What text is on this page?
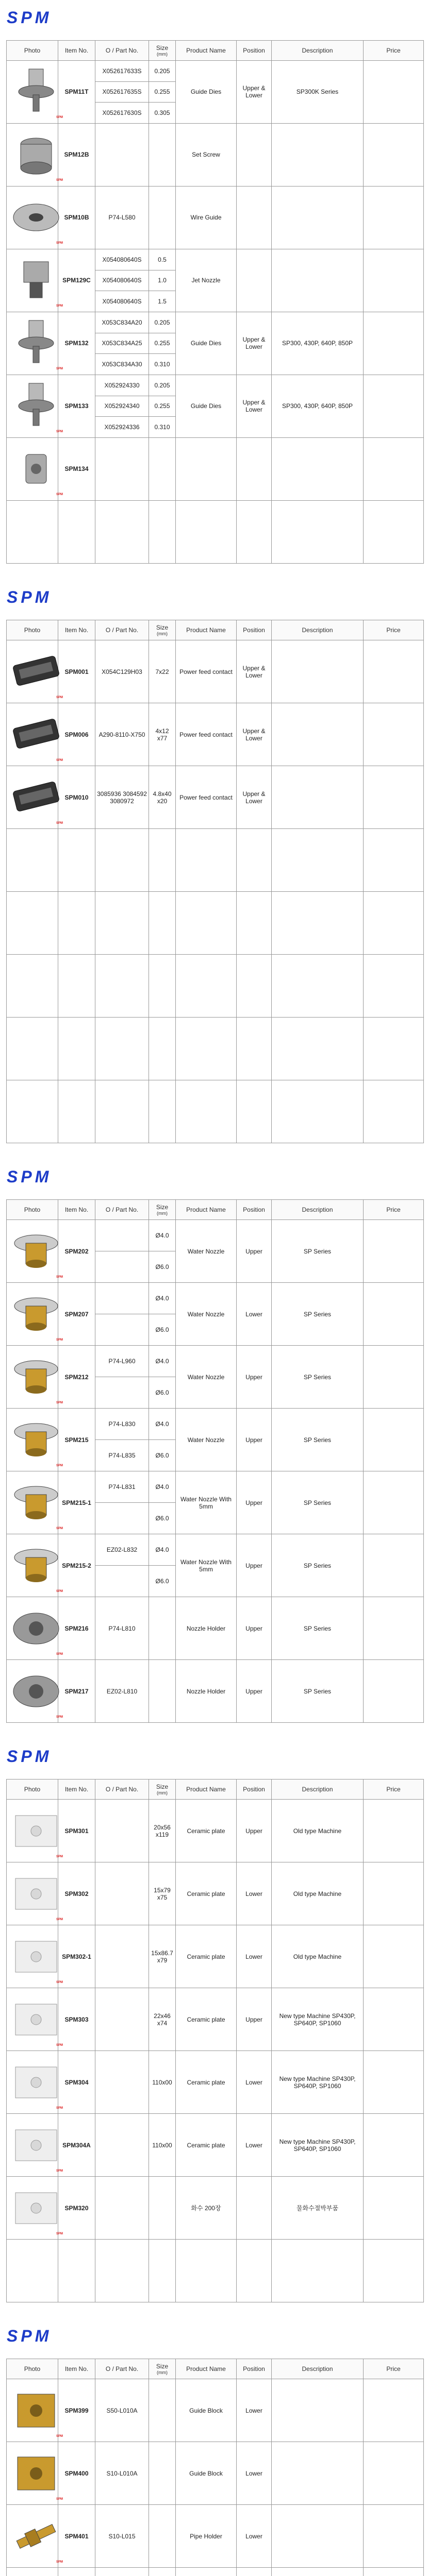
SPM
Photo	Item No.	O / Part No.	Size
(mm)	Product Name	Position	Description	Price

SPM	SPM11T	X052617633S	0.205	Guide Dies	Upper & Lower	SP300K Series	
		X052617635S	0.255				
		X052617630S	0.305				

SPM	SPM12B			Set Screw			

SPM	SPM10B	P74-L580		Wire Guide			

SPM	SPM129C	X054080640S	0.5	Jet Nozzle			
		X054080640S	1.0				
		X054080640S	1.5				

SPM	SPM132	X053C834A20	0.205	Guide Dies	Upper & Lower	SP300, 430P, 640P, 850P	
		X053C834A25	0.255				
		X053C834A30	0.310				

SPM	SPM133	X052924330	0.205	Guide Dies	Upper & Lower	SP300, 430P, 640P, 850P	
		X052924340	0.255				
		X052924336	0.310				

SPM	SPM134						

SPM
Photo	Item No.	O / Part No.	Size
(mm)	Product Name	Position	Description	Price

SPM	SPM001	X054C129H03	7x22	Power feed contact	Upper & Lower		

SPM	SPM006	A290-8110-X750	4x12 x77	Power feed contact	Upper & Lower		

SPM	SPM010	3085936 3084592 3080972	4.8x40 x20	Power feed contact	Upper & Lower		

SPM
Photo	Item No.	O / Part No.	Size
(mm)	Product Name	Position	Description	Price

SPM	SPM202		Ø4.0	Water Nozzle	Upper	SP Series	
			Ø6.0				

SPM	SPM207		Ø4.0	Water Nozzle	Lower	SP Series	
			Ø6.0				

SPM	SPM212	P74-L960	Ø4.0	Water Nozzle	Upper	SP Series	
			Ø6.0				

SPM	SPM215	P74-L830	Ø4.0	Water Nozzle	Upper	SP Series	
		P74-L835	Ø6.0				

SPM	SPM215-1	P74-L831	Ø4.0	Water Nozzle With 5mm	Upper	SP Series	
			Ø6.0				

SPM	SPM215-2	EZ02-L832	Ø4.0	Water Nozzle With 5mm	Upper	SP Series	
			Ø6.0				

SPM	SPM216	P74-L810		Nozzle Holder	Upper	SP Series	

SPM	SPM217	EZ02-L810		Nozzle Holder	Upper	SP Series	
SPM
Photo	Item No.	O / Part No.	Size
(mm)	Product Name	Position	Description	Price

SPM	SPM301		20x56 x119	Ceramic plate	Upper	Old type Machine	

SPM	SPM302		15x79 x75	Ceramic plate	Lower	Old type Machine	

SPM	SPM302-1		15x86.7 x79	Ceramic plate	Lower	Old type Machine	

SPM	SPM303		22x46 x74	Ceramic plate	Upper	New type Machine SP430P, SP640P, SP1060	

SPM	SPM304		110x00	Ceramic plate	Lower	New type Machine SP430P, SP640P, SP1060	

SPM	SPM304A		110x00	Ceramic plate	Lower	New type Machine SP430P, SP640P, SP1060	

SPM	SPM320			화수 200장		물화수절박부품	

SPM
Photo	Item No.	O / Part No.	Size
(mm)	Product Name	Position	Description	Price

SPM	SPM399	S50-L010A		Guide Block	Lower		

SPM	SPM400	S10-L010A		Guide Block	Lower		

SPM	SPM401	S10-L015		Pipe Holder	Lower		
